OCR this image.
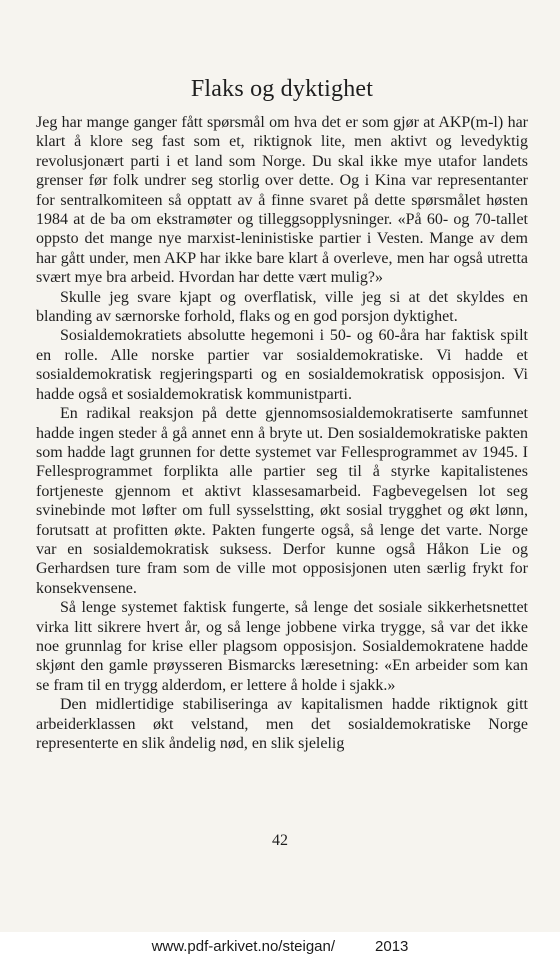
Flaks og dyktighet

Jeg har mange ganger fått spørsmål om hva det er som gjør at AKP(m-l) har klart å klore seg fast som et, riktignok lite, men aktivt og levedyktig revolusjonært parti i et land som Norge. Du skal ikke mye utafor landets grenser før folk undrer seg storlig over dette. Og i Kina var representanter for sentralkomiteen så opptatt av å finne svaret på dette spørsmålet høsten 1984 at de ba om ekstramøter og tilleggsopplysninger. «På 60- og 70-tallet oppsto det mange nye marxist-leninistiske partier i Vesten. Mange av dem har gått under, men AKP har ikke bare klart å overleve, men har også utretta svært mye bra arbeid. Hvordan har dette vært mulig?»

Skulle jeg svare kjapt og overflatisk, ville jeg si at det skyldes en blanding av særnorske forhold, flaks og en god porsjon dyktighet.

Sosialdemokratiets absolutte hegemoni i 50- og 60-åra har faktisk spilt en rolle. Alle norske partier var sosialdemokratiske. Vi hadde et sosialdemokratisk regjeringsparti og en sosialdemokratisk opposisjon. Vi hadde også et sosialdemokratisk kommunistparti.

En radikal reaksjon på dette gjennomsosialdemokratiserte samfunnet hadde ingen steder å gå annet enn å bryte ut. Den sosialdemokratiske pakten som hadde lagt grunnen for dette systemet var Fellesprogrammet av 1945. I Fellesprogrammet forplikta alle partier seg til å styrke kapitalistenes fortjeneste gjennom et aktivt klassesamarbeid. Fagbevegelsen lot seg svinebinde mot løfter om full sysselstting, økt sosial trygghet og økt lønn, forutsatt at profitten økte. Pakten fungerte også, så lenge det varte. Norge var en sosialdemokratisk suksess. Derfor kunne også Håkon Lie og Gerhardsen ture fram som de ville mot opposisjonen uten særlig frykt for konsekvensene.

Så lenge systemet faktisk fungerte, så lenge det sosiale sikkerhetsnettet virka litt sikrere hvert år, og så lenge jobbene virka trygge, så var det ikke noe grunnlag for krise eller plagsom opposisjon. Sosialdemokratene hadde skjønt den gamle prøysseren Bismarcks læresetning: «En arbeider som kan se fram til en trygg alderdom, er lettere å holde i sjakk.»

Den midlertidige stabiliseringa av kapitalismen hadde riktignok gitt arbeiderklassen økt velstand, men det sosialdemokratiske Norge representerte en slik åndelig nød, en slik sjelelig

42
www.pdf-arkivet.no/steigan/	2013
